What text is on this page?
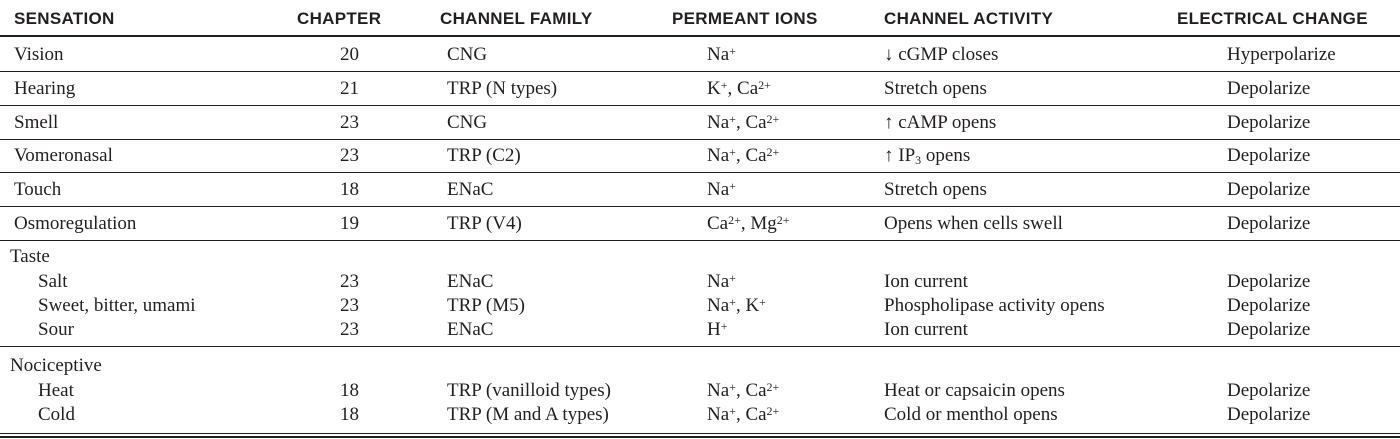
SENSATION	CHAPTER	CHANNEL FAMILY	PERMEANT IONS	CHANNEL ACTIVITY	ELECTRICAL CHANGE
Vision	20	CNG	Na+	↓ cGMP closes	Hyperpolarize
Hearing	21	TRP (N types)	K+, $Ca^{2+}$	Stretch opens	Depolarize
Smell	23	CNG	Na+, $Ca^{2+}$	↑ cAMP opens	Depolarize
Vomeronasal	23	TRP (C2)	Na+, $Ca^{2+}$	↑ $IP_3$ opens	Depolarize
Touch	18	ENaC	Na+	Stretch opens	Depolarize
Osmoregulation	19	TRP (V4)	$Ca^{2+}$, $Mg^{2+}$	Opens when cells swell	Depolarize
Taste
Salt	23	ENaC	Na+	Ion current	Depolarize
Sweet, bitter, umami	23	TRP (M5)	Na+, K+	Phospholipase activity opens	Depolarize
Sour	23	ENaC	H+	Ion current	Depolarize
Nociceptive
Heat	18	TRP (vanilloid types)	Na+, $Ca^{2+}$	Heat or capsaicin opens	Depolarize
Cold	18	TRP (M and A types)	Na+, $Ca^{2+}$	Cold or menthol opens	Depolarize
